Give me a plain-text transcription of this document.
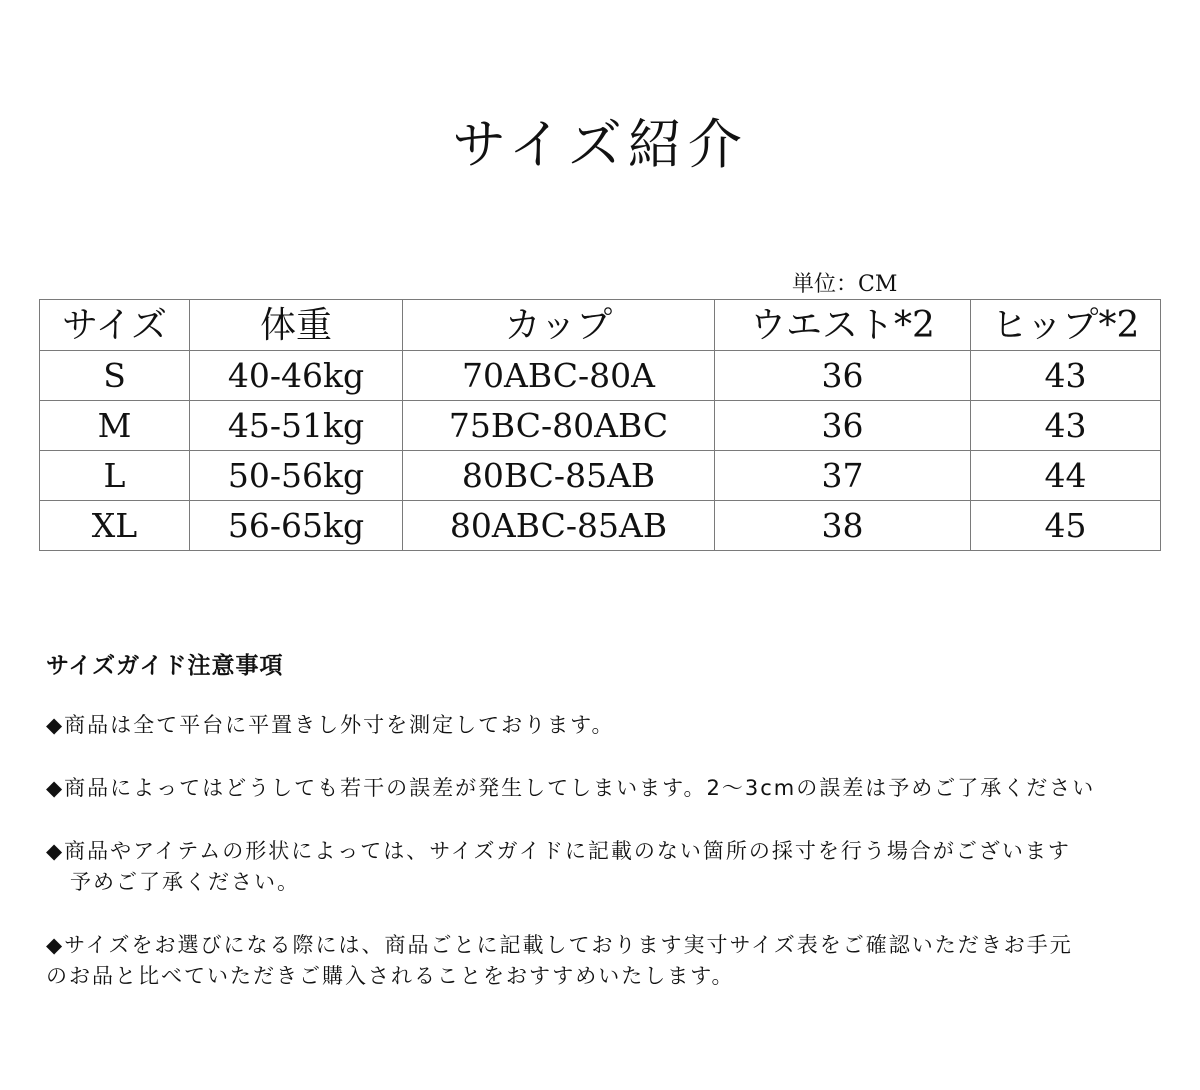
サイズ紹介
単位：CM
サイズ	体重	カップ	ウエスト*2	ヒップ*2
S	40-46kg	70ABC-80A	36	43
M	45-51kg	75BC-80ABC	36	43
L	50-56kg	80BC-85AB	37	44
XL	56-65kg	80ABC-85AB	38	45
サイズガイド注意事項
◆商品は全て平台に平置きし外寸を測定しております。
◆商品によってはどうしても若干の誤差が発生してしまいます。2〜3cmの誤差は予めご了承ください
◆商品やアイテムの形状によっては、サイズガイドに記載のない箇所の採寸を行う場合がございます
予めご了承ください。
◆サイズをお選びになる際には、商品ごとに記載しております実寸サイズ表をご確認いただきお手元
のお品と比べていただきご購入されることをおすすめいたします。
